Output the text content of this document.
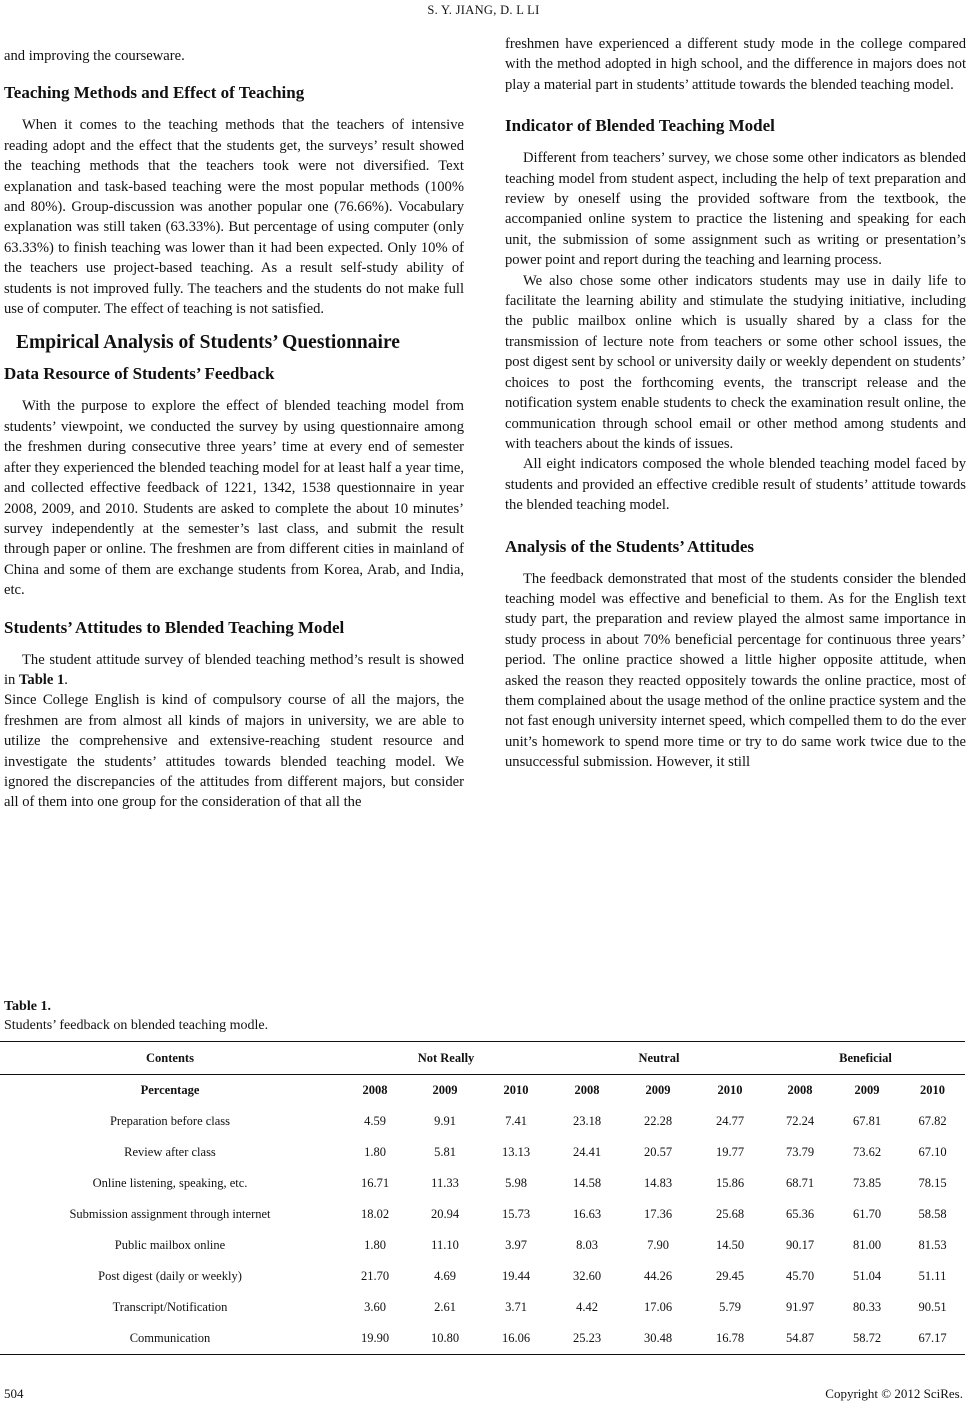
S. Y. JIANG, D. L LI

and improving the courseware.

Teaching Methods and Effect of Teaching

When it comes to the teaching methods that the teachers of intensive reading adopt and the effect that the students get, the surveys’ result showed the teaching methods that the teachers took were not diversified. Text explanation and task-based teaching were the most popular methods (100% and 80%). Group-discussion was another popular one (76.66%). Vocabulary explanation was still taken (63.33%). But percentage of using computer (only 63.33%) to finish teaching was lower than it had been expected. Only 10% of the teachers use project-based teaching. As a result self-study ability of students is not improved fully. The teachers and the students do not make full use of computer. The effect of teaching is not satisfied.

Empirical Analysis of Students’ Questionnaire
Data Resource of Students’ Feedback

With the purpose to explore the effect of blended teaching model from students’ viewpoint, we conducted the survey by using questionnaire among the freshmen during consecutive three years’ time at every end of semester after they experienced the blended teaching model for at least half a year time, and collected effective feedback of 1221, 1342, 1538 questionnaire in year 2008, 2009, and 2010. Students are asked to complete the about 10 minutes’ survey independently at the semester’s last class, and submit the result through paper or online. The freshmen are from different cities in mainland of China and some of them are exchange students from Korea, Arab, and India, etc.

Students’ Attitudes to Blended Teaching Model

The student attitude survey of blended teaching method’s result is showed in Table 1.

Since College English is kind of compulsory course of all the majors, the freshmen are from almost all kinds of majors in university, we are able to utilize the comprehensive and extensive-reaching student resource and investigate the students’ attitudes towards blended teaching model. We ignored the discrepancies of the attitudes from different majors, but consider all of them into one group for the consideration of that all the

freshmen have experienced a different study mode in the college compared with the method adopted in high school, and the difference in majors does not play a material part in students’ attitude towards the blended teaching model.

Indicator of Blended Teaching Model

Different from teachers’ survey, we chose some other indicators as blended teaching model from student aspect, including the help of text preparation and review by oneself using the provided software from the textbook, the accompanied online system to practice the listening and speaking for each unit, the submission of some assignment such as writing or presentation’s power point and report during the teaching and learning process.

We also chose some other indicators students may use in daily life to facilitate the learning ability and stimulate the studying initiative, including the public mailbox online which is usually shared by a class for the transmission of lecture note from teachers or some other school issues, the post digest sent by school or university daily or weekly dependent on students’ choices to post the forthcoming events, the transcript release and the notification system enable students to check the examination result online, the communication through school email or other method among students and with teachers about the kinds of issues.

All eight indicators composed the whole blended teaching model faced by students and provided an effective credible result of students’ attitude towards the blended teaching model.

Analysis of the Students’ Attitudes

The feedback demonstrated that most of the students consider the blended teaching model was effective and beneficial to them. As for the English text study part, the preparation and review played the almost same importance in study process in about 70% beneficial percentage for continuous three years’ period. The online practice showed a little higher opposite attitude, when asked the reason they reacted oppositely towards the online practice, most of them complained about the usage method of the online practice system and the not fast enough university internet speed, which compelled them to do the ever unit’s homework to spend more time or try to do same work twice due to the unsuccessful submission. However, it still

Table 1.
Students’ feedback on blended teaching modle.
Contents	Not Really			Neutral			Beneficial		
Percentage	2008	2009	2010	2008	2009	2010	2008	2009	2010
Preparation before class	4.59	9.91	7.41	23.18	22.28	24.77	72.24	67.81	67.82
Review after class	1.80	5.81	13.13	24.41	20.57	19.77	73.79	73.62	67.10
Online listening, speaking, etc.	16.71	11.33	5.98	14.58	14.83	15.86	68.71	73.85	78.15
Submission assignment through internet	18.02	20.94	15.73	16.63	17.36	25.68	65.36	61.70	58.58
Public mailbox online	1.80	11.10	3.97	8.03	7.90	14.50	90.17	81.00	81.53
Post digest (daily or weekly)	21.70	4.69	19.44	32.60	44.26	29.45	45.70	51.04	51.11
Transcript/Notification	3.60	2.61	3.71	4.42	17.06	5.79	91.97	80.33	90.51
Communication	19.90	10.80	16.06	25.23	30.48	16.78	54.87	58.72	67.17
504	Copyright © 2012 SciRes.
